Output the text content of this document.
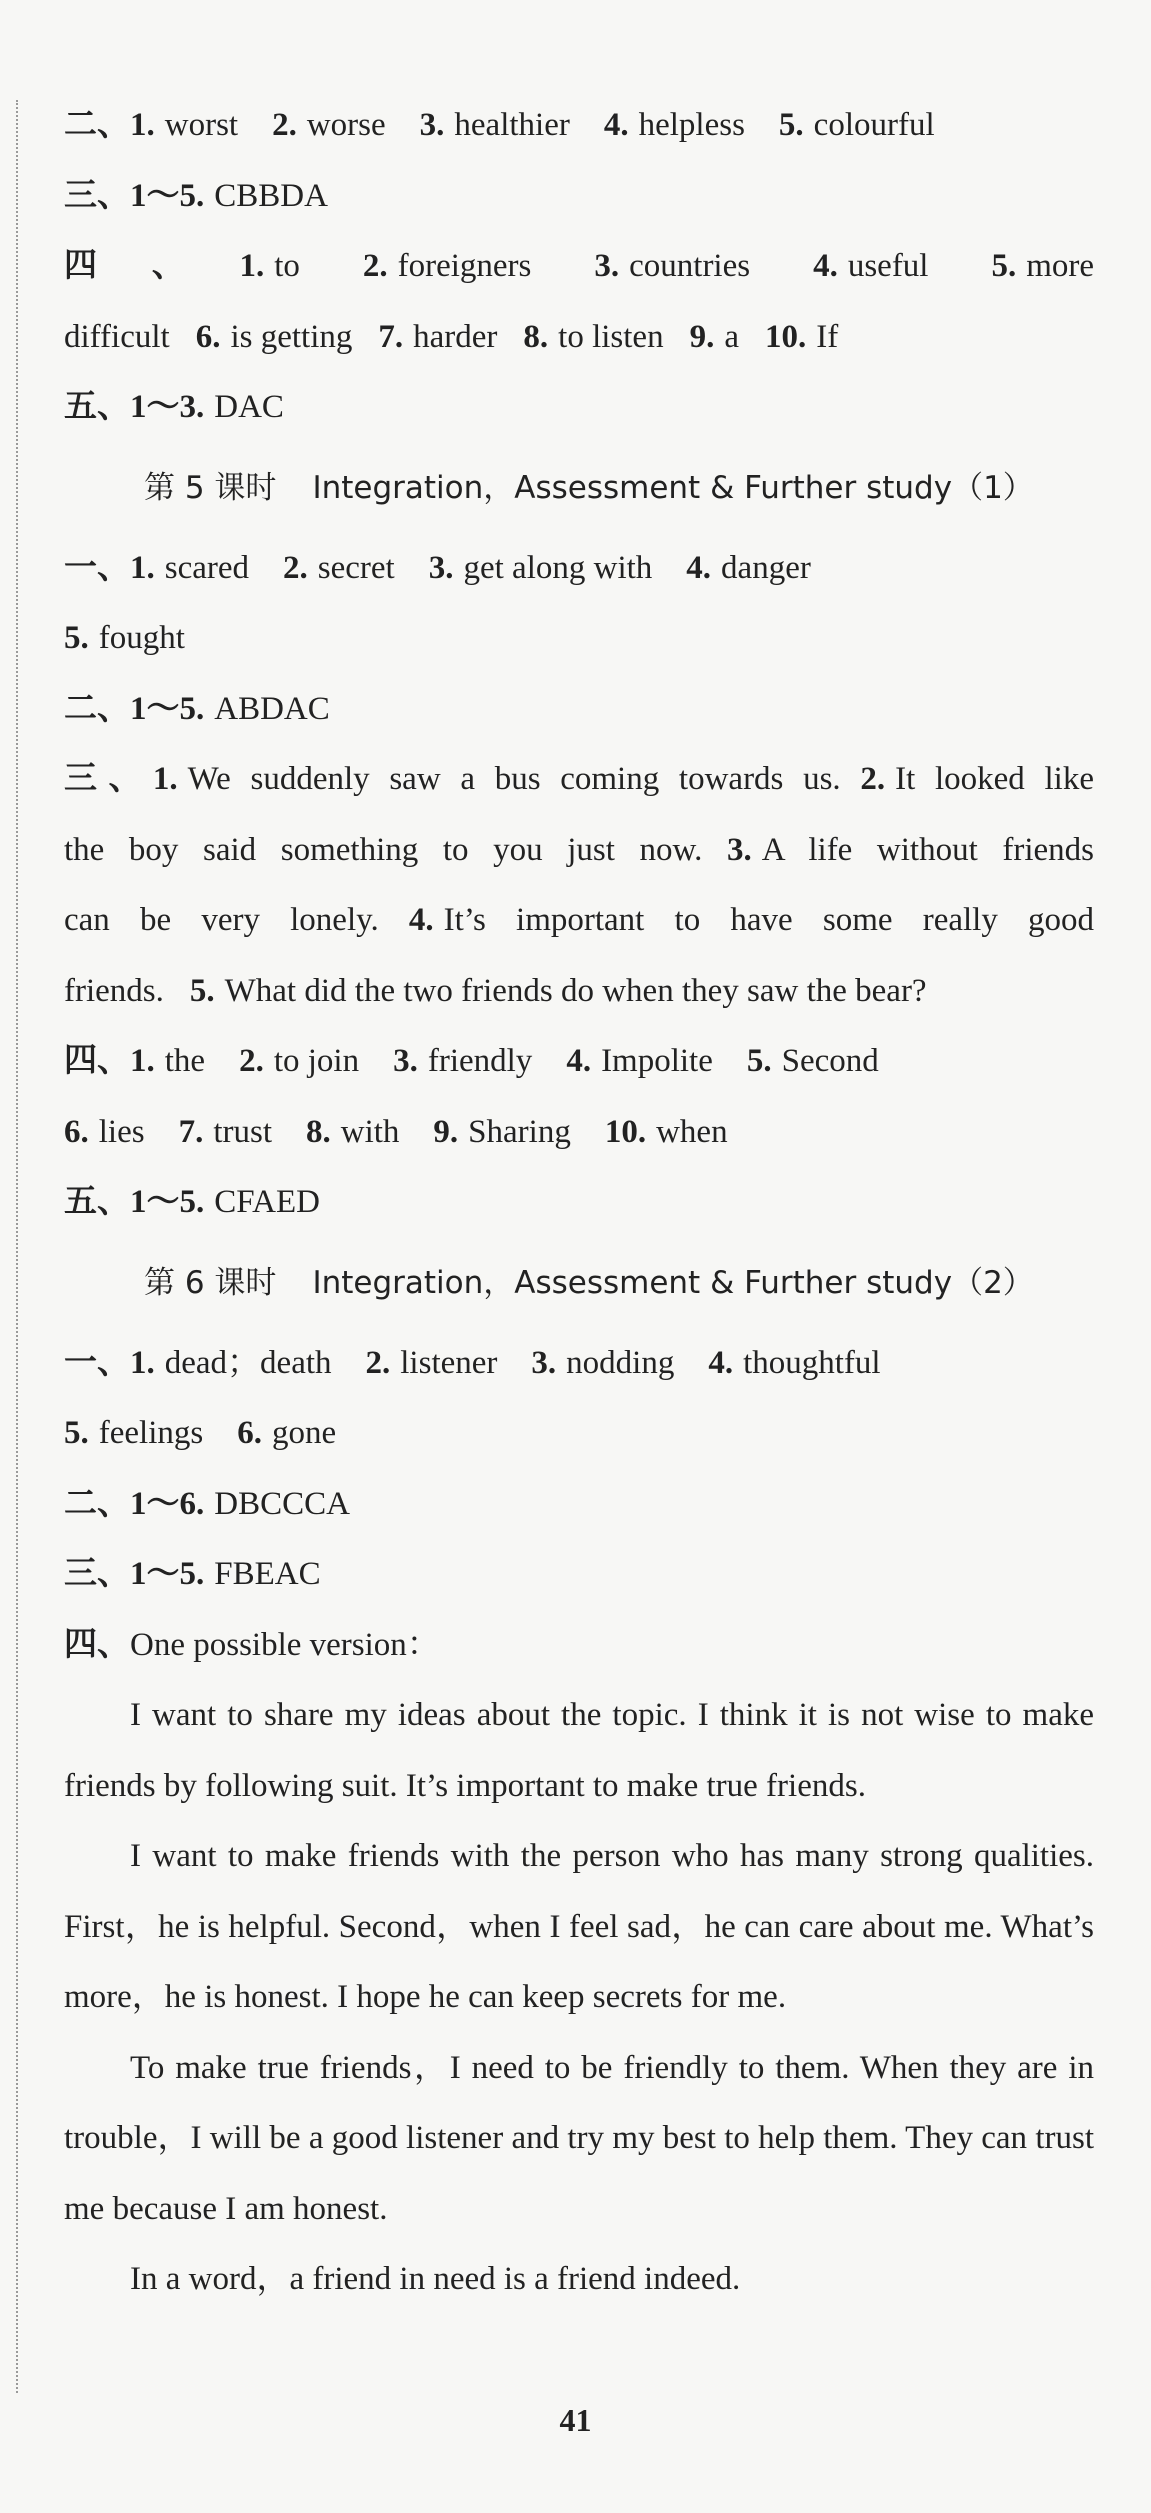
二、1. worst 2. worse 3. healthier 4. helpless 5. colourful
三、1～5. CBBDA
四、1. to 2. foreigners 3. countries 4. useful 5. more
difficult 6. is getting 7. harder 8. to listen 9. a 10. If
五、1～3. DAC
第 5 课时 Integration，Assessment & Further study（1）
一、1. scared 2. secret 3. get along with 4. danger
5. fought
二、1～5. ABDAC
三、1. We suddenly saw a bus coming towards us. 2. It looked like
the boy said something to you just now. 3. A life without friends
can be very lonely. 4. It’s important to have some really good
friends. 5. What did the two friends do when they saw the bear?
四、1. the 2. to join 3. friendly 4. Impolite 5. Second
6. lies 7. trust 8. with 9. Sharing 10. when
五、1～5. CFAED
第 6 课时 Integration，Assessment & Further study（2）
一、1. dead；death 2. listener 3. nodding 4. thoughtful
5. feelings 6. gone
二、1～6. DBCCCA
三、1～5. FBEAC
四、One possible version：
I want to share my ideas about the topic. I think it is not wise to make friends by following suit. It’s important to make true friends.
I want to make friends with the person who has many strong qualities. First，he is helpful. Second，when I feel sad，he can care about me. What’s more，he is honest. I hope he can keep secrets for me.
To make true friends，I need to be friendly to them. When they are in trouble，I will be a good listener and try my best to help them. They can trust me because I am honest.
In a word，a friend in need is a friend indeed.
41
